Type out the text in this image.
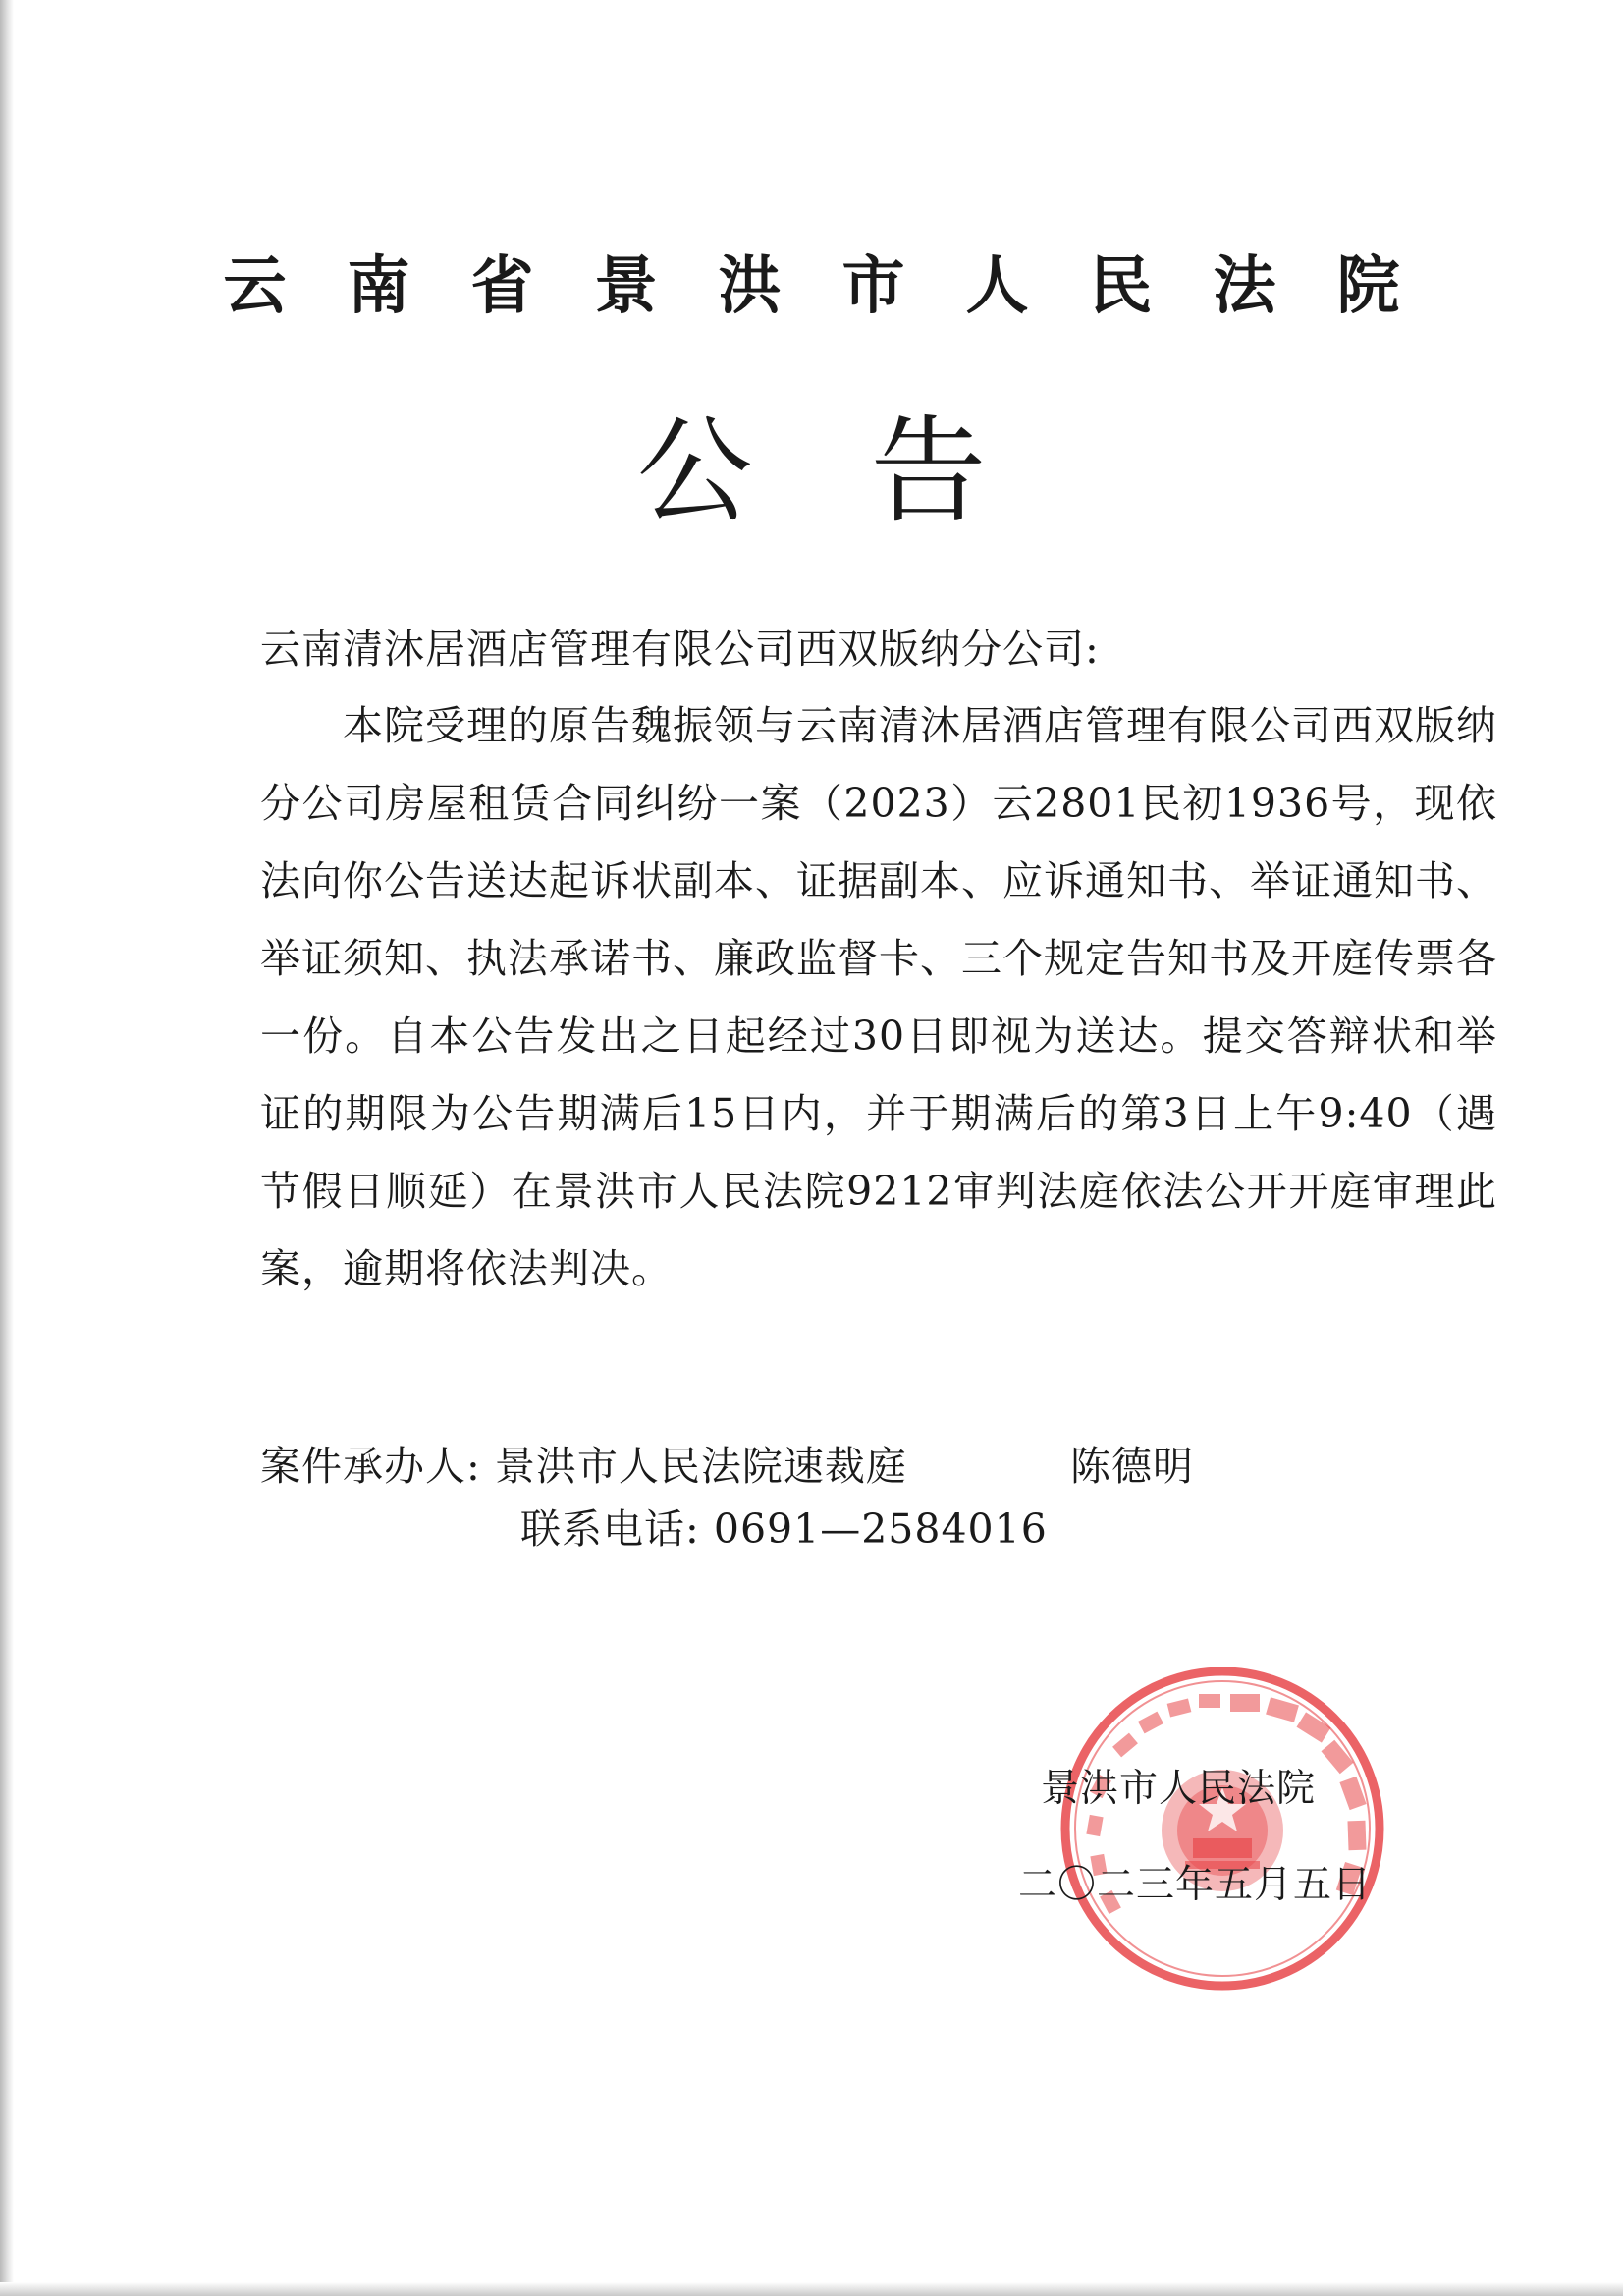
云南省景洪市人民法院
公告
云南清沐居酒店管理有限公司西双版纳分公司:
本院受理的原告魏振领与云南清沐居酒店管理有限公司西双版纳分公司房屋租赁合同纠纷一案（2023）云2801民初1936号，现依法向你公告送达起诉状副本、证据副本、应诉通知书、举证通知书、举证须知、执法承诺书、廉政监督卡、三个规定告知书及开庭传票各一份。自本公告发出之日起经过30日即视为送达。提交答辩状和举证的期限为公告期满后15日内，并于期满后的第3日上午9:40（遇节假日顺延）在景洪市人民法院9212审判法庭依法公开开庭审理此案，逾期将依法判决。
案件承办人: 景洪市人民法院速裁庭	陈德明
联系电话: 0691—2584016
景洪市人民法院
二〇二三年五月五日
